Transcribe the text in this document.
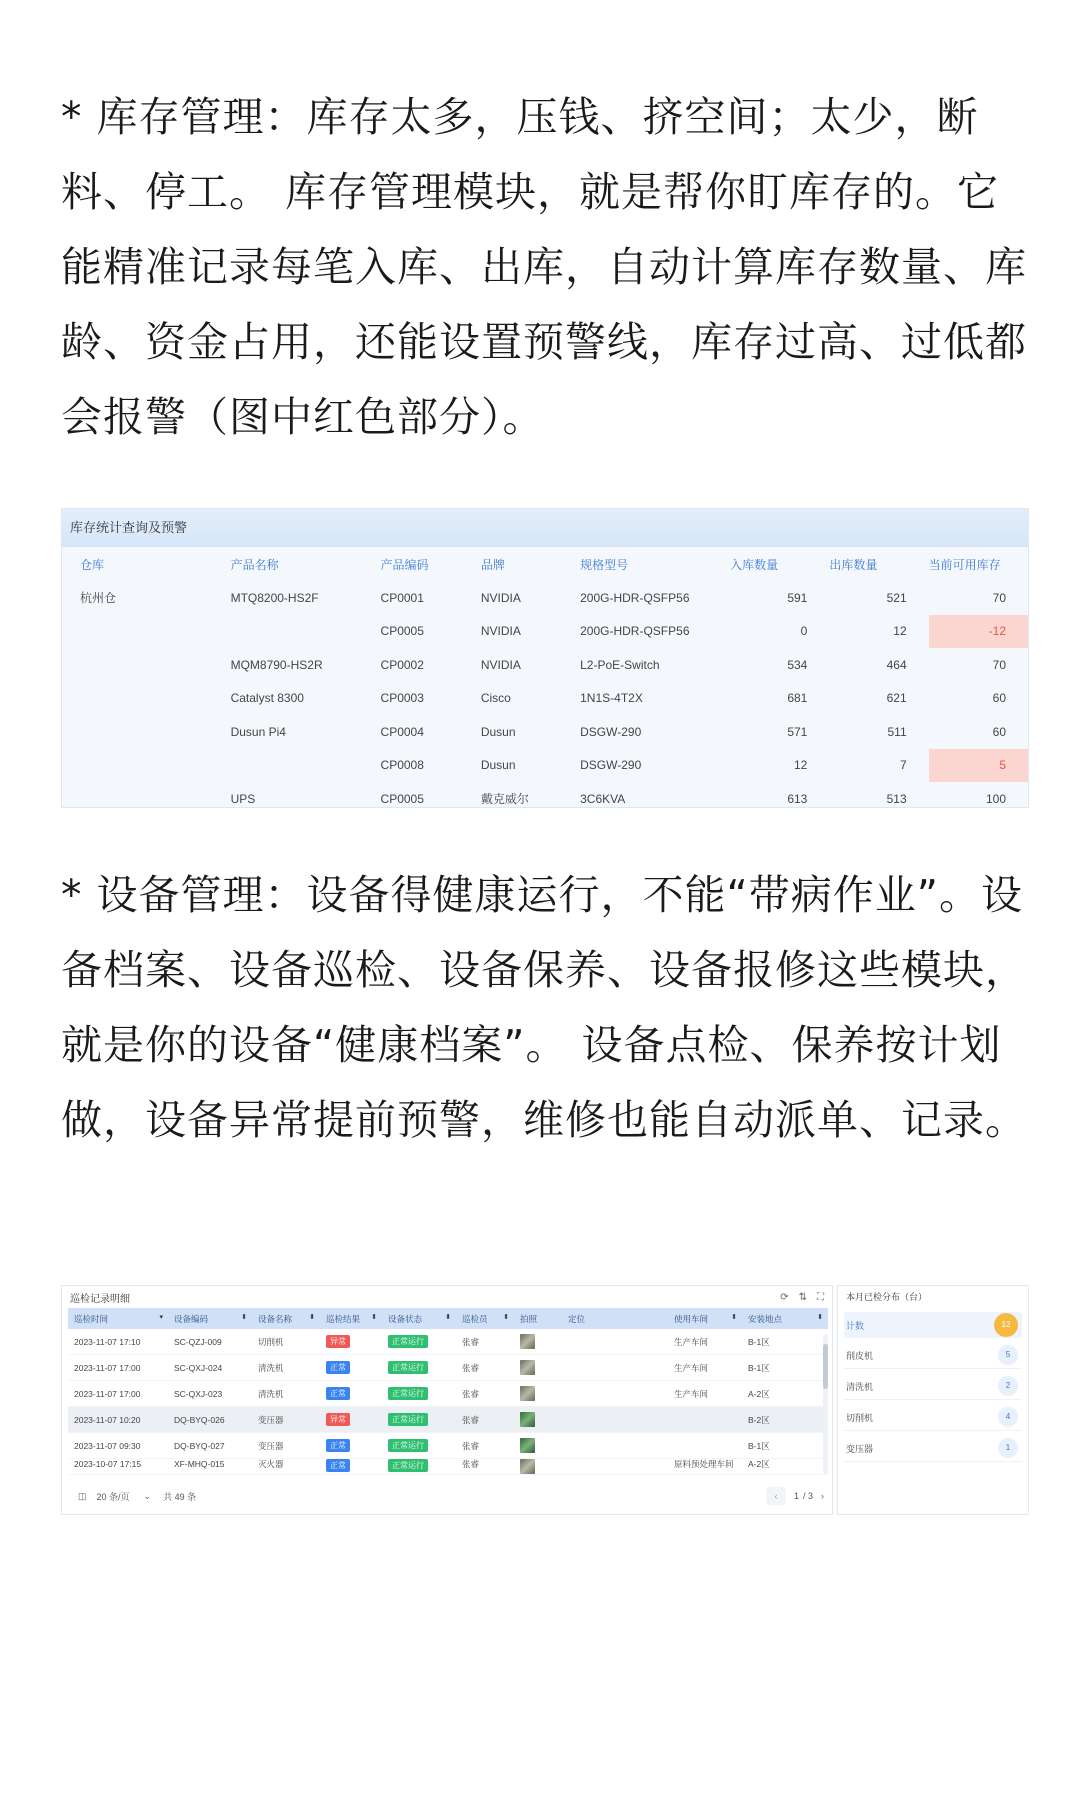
* 库存管理：库存太多，压钱、挤空间；太少，断料、停工。 库存管理模块，就是帮你盯库存的。它能精准记录每笔入库、出库，自动计算库存数量、库龄、资金占用，还能设置预警线，库存过高、过低都会报警（图中红色部分）。

库存统计查询及预警
仓库	产品名称	产品编码	品牌	规格型号	入库数量	出库数量	当前可用库存
杭州仓	MTQ8200-HS2F	CP0001	NVIDIA	200G-HDR-QSFP56	591	521	70
		CP0005	NVIDIA	200G-HDR-QSFP56	0	12	-12
	MQM8790-HS2R	CP0002	NVIDIA	L2-PoE-Switch	534	464	70
	Catalyst 8300	CP0003	Cisco	1N1S-4T2X	681	621	60
	Dusun Pi4	CP0004	Dusun	DSGW-290	571	511	60
		CP0008	Dusun	DSGW-290	12	7	5
	UPS	CP0005	戴克威尔	3C6KVA	613	513	100

* 设备管理：设备得健康运行，不能“带病作业”。设备档案、设备巡检、设备保养、设备报修这些模块，就是你的设备“健康档案”。 设备点检、保养按计划做，设备异常提前预警，维修也能自动派单、记录。

巡检记录明细	⟳ ⇅ ⛶
巡检时间 ▾	设备编码 ⬍	设备名称 ⬍	巡检结果 ⬍	设备状态 ⬍	巡检员 ⬍	拍照	定位	使用车间 ⬍	安装地点 ⬍

2023-11-07 17:10	SC-QZJ-009	切削机	异常	正常运行	张睿			生产车间	B-1区
2023-11-07 17:00	SC-QXJ-024	清洗机	正常	正常运行	张睿			生产车间	B-1区
2023-11-07 17:00	SC-QXJ-023	清洗机	正常	正常运行	张睿			生产车间	A-2区
2023-11-07 10:20	DQ-BYQ-026	变压器	异常	正常运行	张睿				B-2区
2023-11-07 09:30	DQ-BYQ-027	变压器	正常	正常运行	张睿				B-1区
2023-10-07 17:15	XF-MHQ-015	灭火器	正常	正常运行	张睿			原料预处理车间	A-2区
◫ 20 条/页 ⌄ 共 49 条	‹	1 / 3 ›
本月已检分布（台）
计数	12
削皮机	5
清洗机	2
切削机	4
变压器	1
